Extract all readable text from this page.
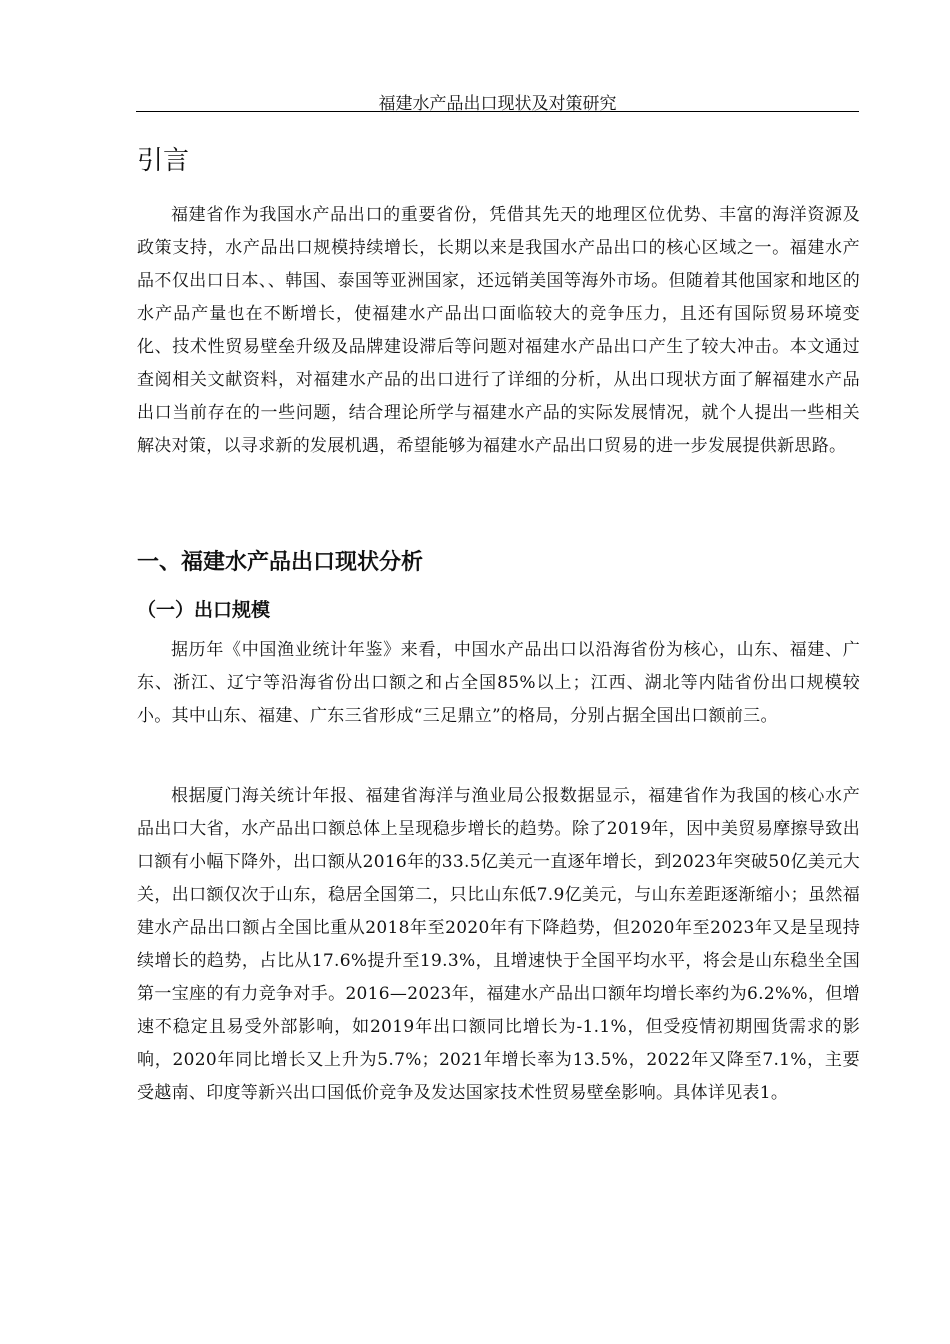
福建水产品出口现状及对策研究
引言

福建省作为我国水产品出口的重要省份，凭借其先天的地理区位优势、丰富的海洋资源及政策支持，水产品出口规模持续增长，长期以来是我国水产品出口的核心区域之一。福建水产品不仅出口日本、、韩国、泰国等亚洲国家，还远销美国等海外市场。但随着其他国家和地区的水产品产量也在不断增长，使福建水产品出口面临较大的竞争压力，且还有国际贸易环境变化、技术性贸易壁垒升级及品牌建设滞后等问题对福建水产品出口产生了较大冲击。本文通过查阅相关文献资料，对福建水产品的出口进行了详细的分析，从出口现状方面了解福建水产品出口当前存在的一些问题，结合理论所学与福建水产品的实际发展情况，就个人提出一些相关解决对策，以寻求新的发展机遇，希望能够为福建水产品出口贸易的进一步发展提供新思路。

一、福建水产品出口现状分析
（一）出口规模

据历年《中国渔业统计年鉴》来看，中国水产品出口以沿海省份为核心，山东、福建、广东、浙江、辽宁等沿海省份出口额之和占全国85%以上；江西、湖北等内陆省份出口规模较小。其中山东、福建、广东三省形成“三足鼎立”的格局，分别占据全国出口额前三。

根据厦门海关统计年报、福建省海洋与渔业局公报数据显示，福建省作为我国的核心水产品出口大省，水产品出口额总体上呈现稳步增长的趋势。除了2019年，因中美贸易摩擦导致出口额有小幅下降外，出口额从2016年的33.5亿美元一直逐年增长，到2023年突破50亿美元大关，出口额仅次于山东，稳居全国第二，只比山东低7.9亿美元，与山东差距逐渐缩小；虽然福建水产品出口额占全国比重从2018年至2020年有下降趋势，但2020年至2023年又是呈现持续增长的趋势，占比从17.6%提升至19.3%，且增速快于全国平均水平，将会是山东稳坐全国第一宝座的有力竞争对手。2016—2023年，福建水产品出口额年均增长率约为6.2%%，但增速不稳定且易受外部影响，如2019年出口额同比增长为-1.1%，但受疫情初期囤货需求的影响，2020年同比增长又上升为5.7%；2021年增长率为13.5%，2022年又降至7.1%，主要受越南、印度等新兴出口国低价竞争及发达国家技术性贸易壁垒影响。具体详见表1。
